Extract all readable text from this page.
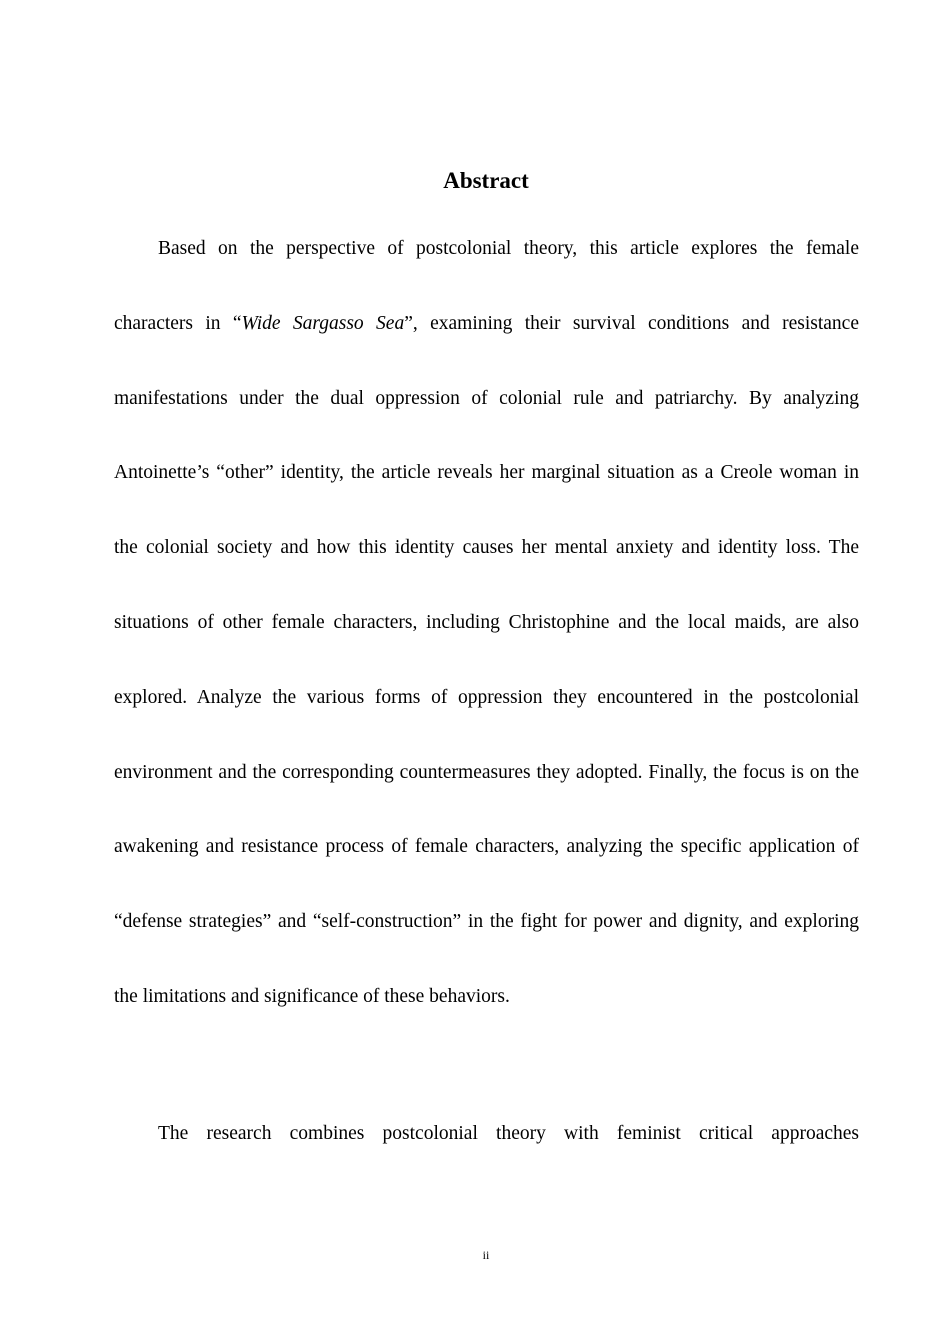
Abstract

Based on the perspective of postcolonial theory, this article explores the female characters in “Wide Sargasso Sea”, examining their survival conditions and resistance manifestations under the dual oppression of colonial rule and patriarchy. By analyzing Antoinette’s “other” identity, the article reveals her marginal situation as a Creole woman in the colonial society and how this identity causes her mental anxiety and identity loss. The situations of other female characters, including Christophine and the local maids, are also explored. Analyze the various forms of oppression they encountered in the postcolonial environment and the corresponding countermeasures they adopted. Finally, the focus is on the awakening and resistance process of female characters, analyzing the specific application of “defense strategies” and “self-construction” in the fight for power and dignity, and exploring the limitations and significance of these behaviors.

The research combines postcolonial theory with feminist critical approaches

ii
